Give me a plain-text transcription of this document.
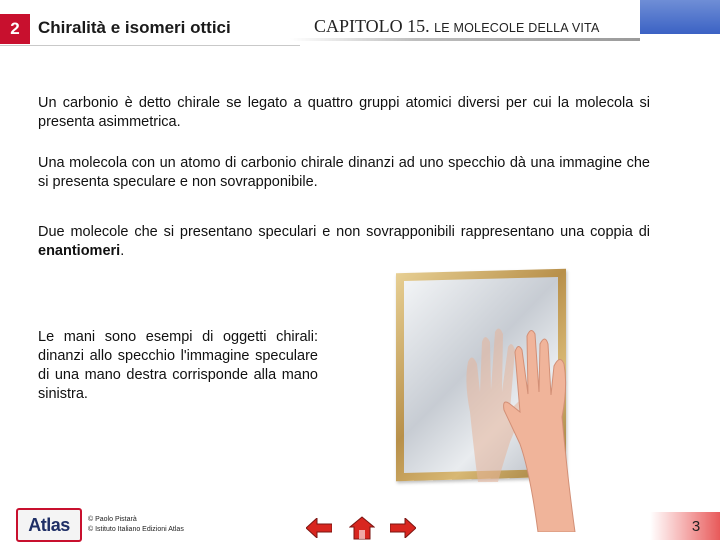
2	Chiralità e isomeri ottici	CAPITOLO 15. LE MOLECOLE DELLA VITA

Un carbonio è detto chirale se legato a quattro gruppi atomici diversi per cui la molecola si presenta asimmetrica.

Una molecola con un atomo di carbonio chirale dinanzi ad uno specchio dà una immagine che si presenta speculare e non sovrapponibile.

Due molecole che si presentano speculari e non sovrapponibili rappresentano una coppia di enantiomeri.

Le mani sono esempi di oggetti chirali: dinanzi allo specchio l'immagine speculare di una mano destra corrisponde alla mano sinistra.

Atlas	© Paolo Pistarà
© Istituto Italiano Edizioni Atlas	3
